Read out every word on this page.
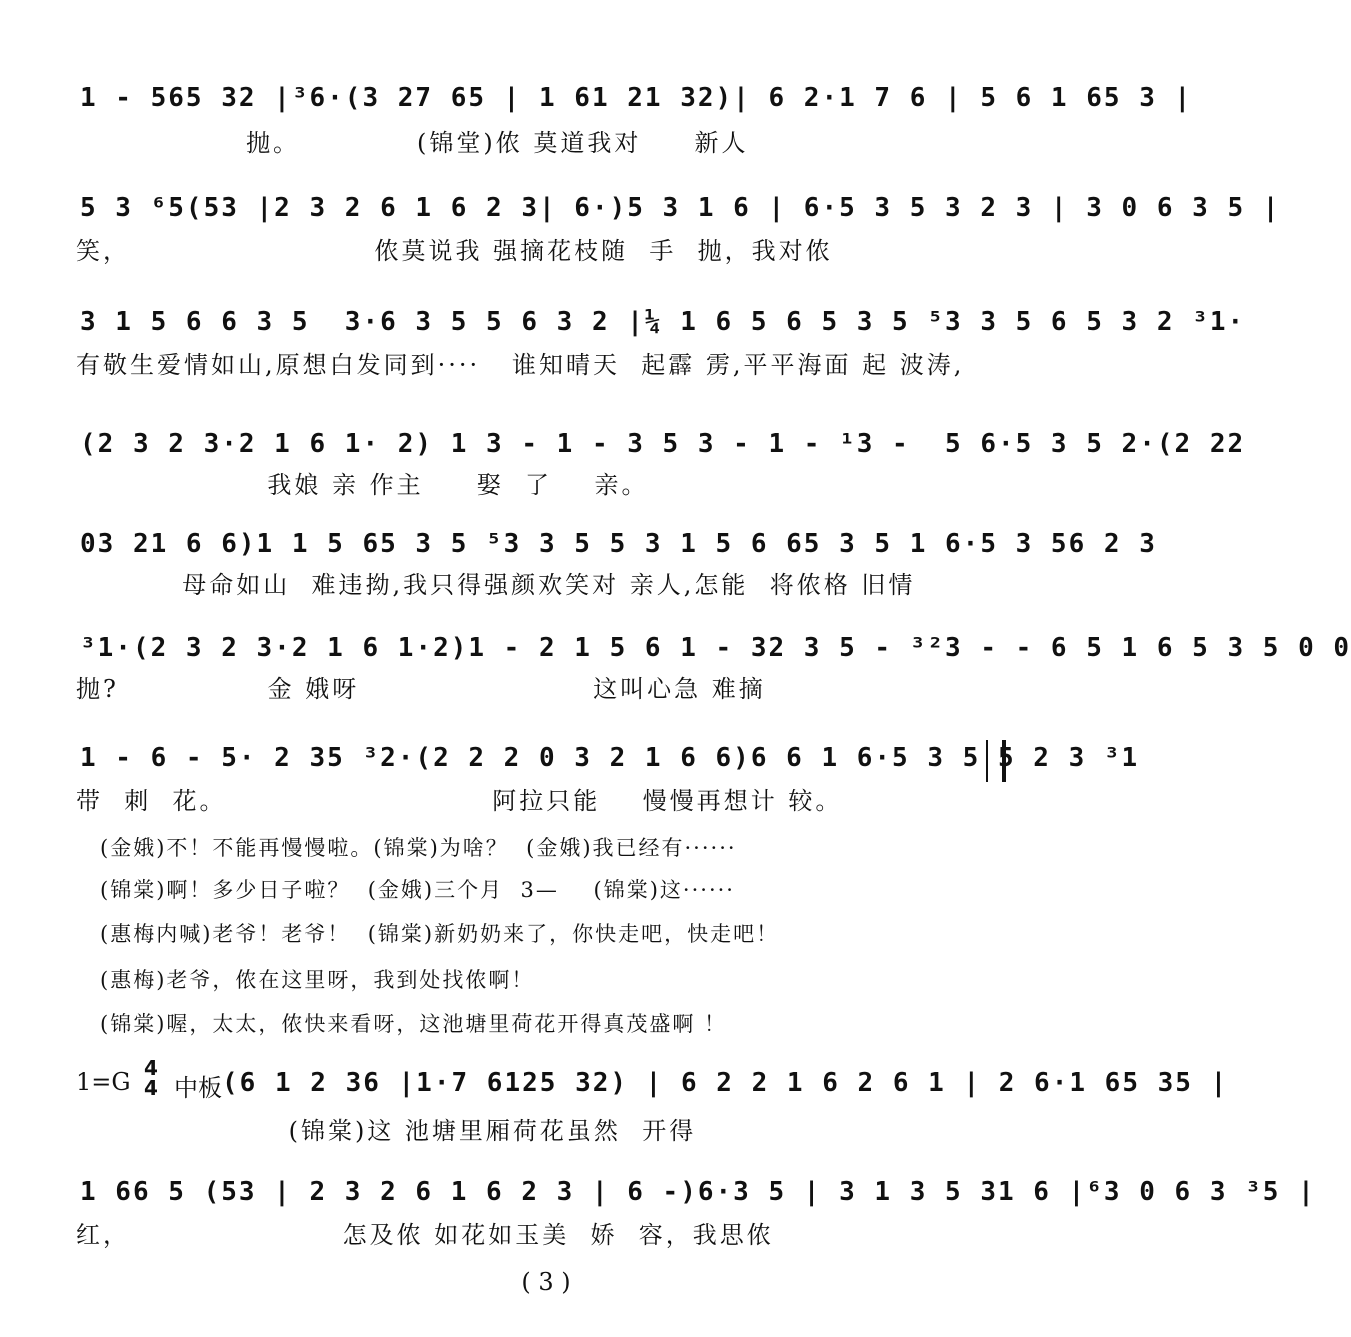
1 - 565 32 |³6·(3 27 65 | 1 61 21 32)| 6 2·1 7 6 | 5 6 1 65 3 |
抛。           (锦堂)侬 莫道我对     新人
5 3 ⁶5(53 |2 3 2 6 1 6 2 3| 6·)5 3 1 6 | 6·5 3 5 3 2 3 | 3 0 6 3 5 |
笑，                       侬莫说我 强摘花枝随  手  抛，我对侬
3 1 5 6 6 3 5  3·6 3 5 5 6 3 2 |¼ 1 6 5 6 5 3 5 ⁵3 3 5 6 5 3 2 ³1·
有敬生爱情如山,原想白发同到····   谁知晴天  起霹 雳,平平海面 起 波涛,
(2 3 2 3·2 1 6 1· 2) 1 3 - 1 - 3 5 3 - 1 - ¹3 -  5 6·5 3 5 2·(2 22
我娘 亲 作主     娶  了    亲。
03 21 6 6)1 1 5 65 3 5 ⁵3 3 5 5 3 1 5 6 65 3 5 1 6·5 3 56 2 3
母命如山  难违拗,我只得强颜欢笑对 亲人,怎能  将侬格 旧情
³1·(2 3 2 3·2 1 6 1·2)1 - 2 1 5 6 1 - 32 3 5 - ³²3 - - 6 5 1 6 5 3 5 0 0
抛?              金 娥呀                      这叫心急 难摘
1 - 6 - 5· 2 35 ³2·(2 2 2 0 3 2 1 6 6)6 6 1 6·5 3 5 5 2 3 ³1
带  刺  花。                         阿拉只能    慢慢再想计 较。
(金娥)不！不能再慢慢啦。(锦棠)为啥？  (金娥)我已经有······
(锦棠)啊！多少日子啦？  (金娥)三个月  3—    (锦棠)这······
(惠梅内喊)老爷！老爷！  (锦棠)新奶奶来了，你快走吧，快走吧！
(惠梅)老爷，侬在这里呀，我到处找侬啊！
(锦棠)喔，太太，侬快来看呀，这池塘里荷花开得真茂盛啊 ！
1=G 4
4 中板 (6 1 2 36 |1·7 6125 32) | 6 2 2 1 6 2 6 1 | 2 6·1 65 35 |
(锦棠)这 池塘里厢荷花虽然  开得
1 66 5 (53 | 2 3 2 6 1 6 2 3 | 6 -)6·3 5 | 3 1 3 5 31 6 |⁶3 0 6 3 ³5 |
红，                    怎及侬 如花如玉美  娇  容，我思侬
( 3 )
